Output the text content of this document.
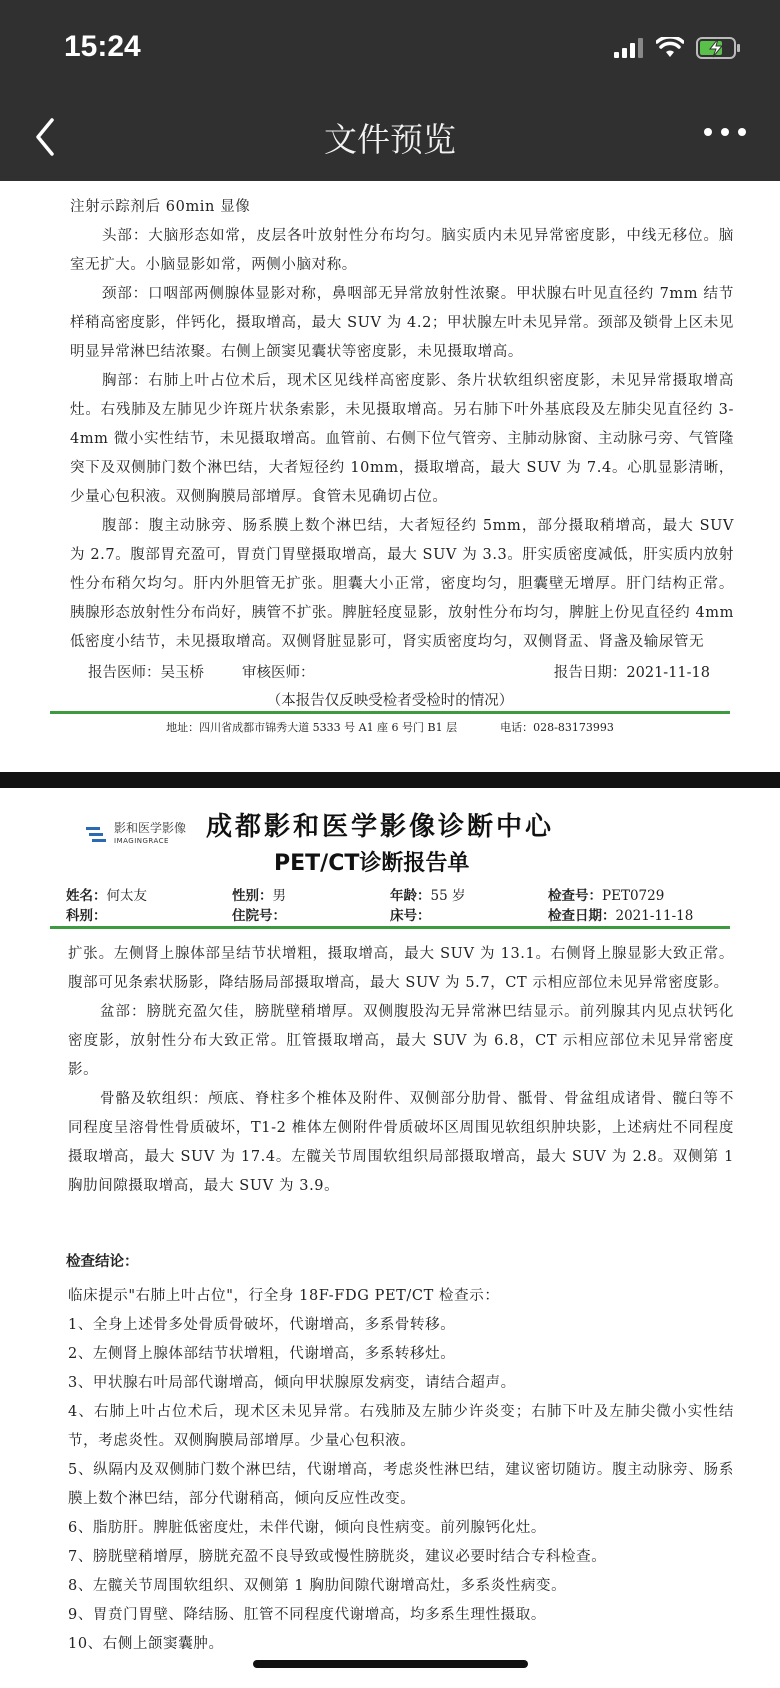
15:24
文件预览
注射示踪剂后 60min 显像
头部：大脑形态如常，皮层各叶放射性分布均匀。脑实质内未见异常密度影，中线无移位。脑室无扩大。小脑显影如常，两侧小脑对称。
颈部：口咽部两侧腺体显影对称，鼻咽部无异常放射性浓聚。甲状腺右叶见直径约 7mm 结节样稍高密度影，伴钙化，摄取增高，最大 SUV 为 4.2；甲状腺左叶未见异常。颈部及锁骨上区未见明显异常淋巴结浓聚。右侧上颌窦见囊状等密度影，未见摄取增高。
胸部：右肺上叶占位术后，现术区见线样高密度影、条片状软组织密度影，未见异常摄取增高灶。右残肺及左肺见少许斑片状条索影，未见摄取增高。另右肺下叶外基底段及左肺尖见直径约 3-4mm 微小实性结节，未见摄取增高。血管前、右侧下位气管旁、主肺动脉窗、主动脉弓旁、气管隆突下及双侧肺门数个淋巴结，大者短径约 10mm，摄取增高，最大 SUV 为 7.4。心肌显影清晰，少量心包积液。双侧胸膜局部增厚。食管未见确切占位。
腹部：腹主动脉旁、肠系膜上数个淋巴结，大者短径约 5mm，部分摄取稍增高，最大 SUV 为 2.7。腹部胃充盈可，胃贲门胃壁摄取增高，最大 SUV 为 3.3。肝实质密度减低，肝实质内放射性分布稍欠均匀。肝内外胆管无扩张。胆囊大小正常，密度均匀，胆囊壁无增厚。肝门结构正常。胰腺形态放射性分布尚好，胰管不扩张。脾脏轻度显影，放射性分布均匀，脾脏上份见直径约 4mm 低密度小结节，未见摄取增高。双侧肾脏显影可，肾实质密度均匀，双侧肾盂、肾盏及输尿管无
报告医师：吴玉桥	审核医师：	报告日期：2021-11-18
（本报告仅反映受检者受检时的情况）
地址：四川省成都市锦秀大道 5333 号 A1 座 6 号门 B1 层	电话：028-83173993
影和医学影像
IMAGINGRACE	成都影和医学影像诊断中心
PET/CT诊断报告单
姓名：何太友	性别：男	年龄：55 岁	检查号：PET0729
科别：	住院号：	床号：	检查日期：2021-11-18
扩张。左侧肾上腺体部呈结节状增粗，摄取增高，最大 SUV 为 13.1。右侧肾上腺显影大致正常。腹部可见条索状肠影，降结肠局部摄取增高，最大 SUV 为 5.7，CT 示相应部位未见异常密度影。
盆部：膀胱充盈欠佳，膀胱壁稍增厚。双侧腹股沟无异常淋巴结显示。前列腺其内见点状钙化密度影，放射性分布大致正常。肛管摄取增高，最大 SUV 为 6.8，CT 示相应部位未见异常密度影。
骨骼及软组织：颅底、脊柱多个椎体及附件、双侧部分肋骨、骶骨、骨盆组成诸骨、髋臼等不同程度呈溶骨性骨质破坏，T1-2 椎体左侧附件骨质破坏区周围见软组织肿块影，上述病灶不同程度摄取增高，最大 SUV 为 17.4。左髋关节周围软组织局部摄取增高，最大 SUV 为 2.8。双侧第 1 胸肋间隙摄取增高，最大 SUV 为 3.9。
检查结论：
临床提示"右肺上叶占位"，行全身 18F-FDG PET/CT 检查示：
1、全身上述骨多处骨质骨破坏，代谢增高，多系骨转移。
2、左侧肾上腺体部结节状增粗，代谢增高，多系转移灶。
3、甲状腺右叶局部代谢增高，倾向甲状腺原发病变，请结合超声。
4、右肺上叶占位术后，现术区未见异常。右残肺及左肺少许炎变；右肺下叶及左肺尖微小实性结节，考虑炎性。双侧胸膜局部增厚。少量心包积液。
5、纵隔内及双侧肺门数个淋巴结，代谢增高，考虑炎性淋巴结，建议密切随访。腹主动脉旁、肠系膜上数个淋巴结，部分代谢稍高，倾向反应性改变。
6、脂肪肝。脾脏低密度灶，未伴代谢，倾向良性病变。前列腺钙化灶。
7、膀胱壁稍增厚，膀胱充盈不良导致或慢性膀胱炎，建议必要时结合专科检查。
8、左髋关节周围软组织、双侧第 1 胸肋间隙代谢增高灶，多系炎性病变。
9、胃贲门胃壁、降结肠、肛管不同程度代谢增高，均多系生理性摄取。
10、右侧上颌窦囊肿。
